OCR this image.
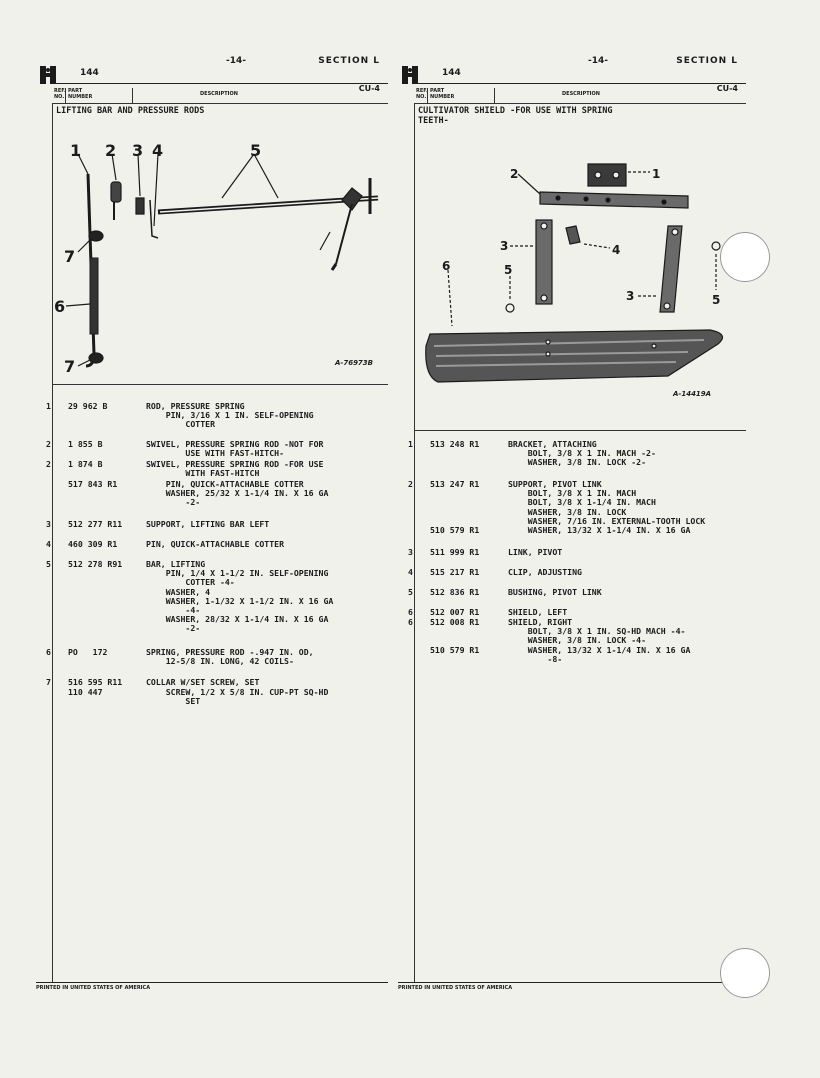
-14-	SECTION L
144
CU-4
REF. NO.
PART NUMBER	DESCRIPTION
LIFTING BAR AND PRESSURE RODS
1 2 3 4	5
7
6
7	A-76973B
1 29 962 B	ROD, PRESSURE SPRING
PIN, 3/16 X 1 IN. SELF-OPENING
COTTER
2 1 855 B	SWIVEL, PRESSURE SPRING ROD -NOT FOR
USE WITH FAST-HITCH-
2 1 874 B	SWIVEL, PRESSURE SPRING ROD -FOR USE
WITH FAST-HITCH
517 843 R1	PIN, QUICK-ATTACHABLE COTTER
WASHER, 25/32 X 1-1/4 IN. X 16 GA
-2-
3 512 277 R11	SUPPORT, LIFTING BAR LEFT
4 460 309 R1	PIN, QUICK-ATTACHABLE COTTER
5 512 278 R91	BAR, LIFTING
PIN, 1/4 X 1-1/2 IN. SELF-OPENING
COTTER -4-
WASHER, 4
WASHER, 1-1/32 X 1-1/2 IN. X 16 GA
-4-
WASHER, 28/32 X 1-1/4 IN. X 16 GA
-2-
6 PO   172	SPRING, PRESSURE ROD -.947 IN. OD,
12-5/8 IN. LONG, 42 COILS-
7 516 595 R11	COLLAR W/SET SCREW, SET
110 447	SCREW, 1/2 X 5/8 IN. CUP-PT SQ-HD
SET
PRINTED IN UNITED STATES OF AMERICA
-14-	SECTION L
144
CU-4
REF. NO.
PART NUMBER	DESCRIPTION
CULTIVATOR SHIELD -FOR USE WITH SPRING
TEETH-
1
2
3	4
3
5
5
6
A-14419A
1 513 248 R1	BRACKET, ATTACHING
BOLT, 3/8 X 1 IN. MACH -2-
WASHER, 3/8 IN. LOCK -2-
2 513 247 R1	SUPPORT, PIVOT LINK
BOLT, 3/8 X 1 IN. MACH
BOLT, 3/8 X 1-1/4 IN. MACH
WASHER, 3/8 IN. LOCK
WASHER, 7/16 IN. EXTERNAL-TOOTH LOCK
510 579 R1	WASHER, 13/32 X 1-1/4 IN. X 16 GA
3 511 999 R1	LINK, PIVOT
4 515 217 R1	CLIP, ADJUSTING
5 512 836 R1	BUSHING, PIVOT LINK
6 512 007 R1	SHIELD, LEFT
6 512 008 R1	SHIELD, RIGHT
BOLT, 3/8 X 1 IN. SQ-HD MACH -4-
WASHER, 3/8 IN. LOCK -4-
510 579 R1	WASHER, 13/32 X 1-1/4 IN. X 16 GA
-8-
PRINTED IN UNITED STATES OF AMERICA
